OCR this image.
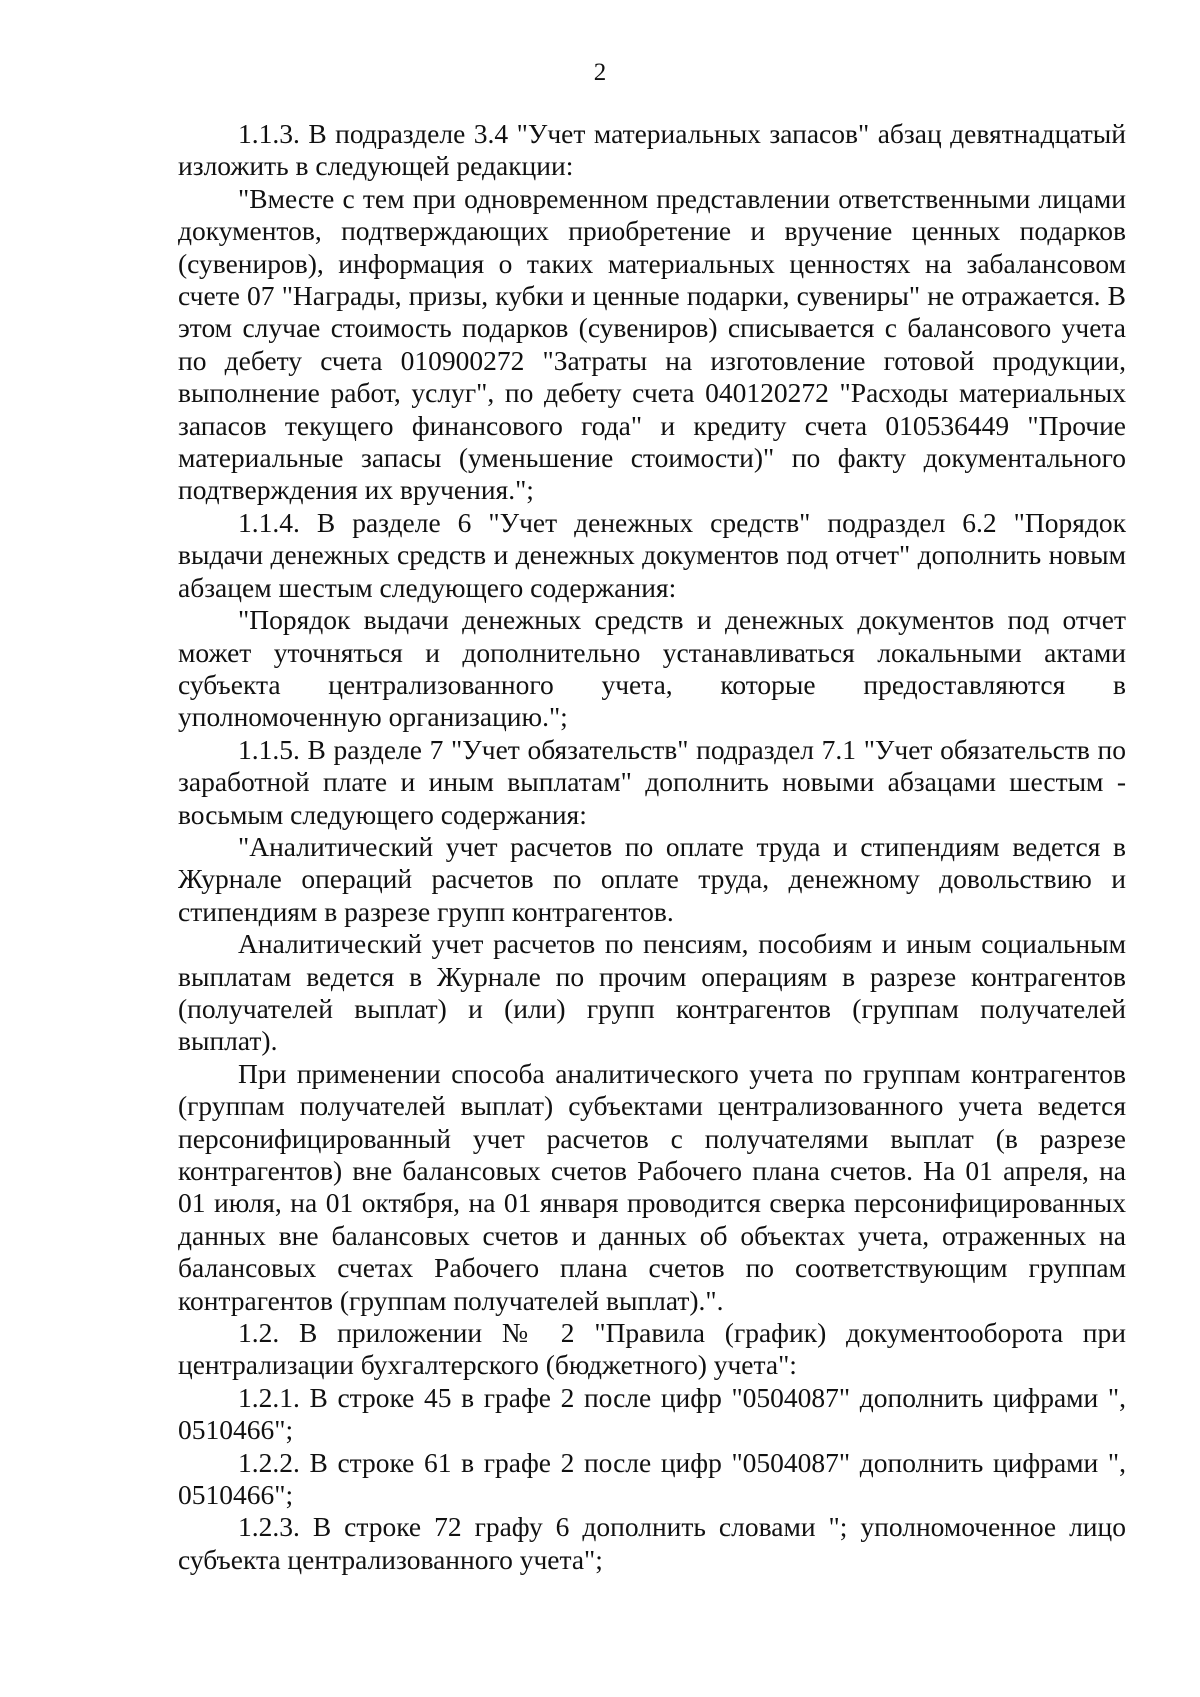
2

1.1.3. В подразделе 3.4 "Учет материальных запасов" абзац девятнадцатый изложить в следующей редакции:

"Вместе с тем при одновременном представлении ответственными лицами документов, подтверждающих приобретение и вручение ценных подарков (сувениров), информация о таких материальных ценностях на забалансовом счете 07 "Награды, призы, кубки и ценные подарки, сувениры" не отражается. В этом случае стоимость подарков (сувениров) списывается с балансового учета по дебету счета 010900272 "Затраты на изготовление готовой продукции, выполнение работ, услуг", по дебету счета 040120272 "Расходы материальных запасов текущего финансового года" и кредиту счета 010536449 "Прочие материальные запасы (уменьшение стоимости)" по факту документального подтверждения их вручения.";

1.1.4. В разделе 6 "Учет денежных средств" подраздел 6.2 "Порядок выдачи денежных средств и денежных документов под отчет" дополнить новым абзацем шестым следующего содержания:

"Порядок выдачи денежных средств и денежных документов под отчет может уточняться и дополнительно устанавливаться локальными актами субъекта централизованного учета, которые предоставляются в уполномоченную организацию.";

1.1.5. В разделе 7 "Учет обязательств" подраздел 7.1 "Учет обязательств по заработной плате и иным выплатам" дополнить новыми абзацами шестым - восьмым следующего содержания:

"Аналитический учет расчетов по оплате труда и стипендиям ведется в Журнале операций расчетов по оплате труда, денежному довольствию и стипендиям в разрезе групп контрагентов.

Аналитический учет расчетов по пенсиям, пособиям и иным социальным выплатам ведется в Журнале по прочим операциям в разрезе контрагентов (получателей выплат) и (или) групп контрагентов (группам получателей выплат).

При применении способа аналитического учета по группам контрагентов (группам получателей выплат) субъектами централизованного учета ведется персонифицированный учет расчетов с получателями выплат (в разрезе контрагентов) вне балансовых счетов Рабочего плана счетов. На 01 апреля, на 01 июля, на 01 октября, на 01 января проводится сверка персонифицированных данных вне балансовых счетов и данных об объектах учета, отраженных на балансовых счетах Рабочего плана счетов по соответствующим группам контрагентов (группам получателей выплат).".

1.2. В приложении № 2 "Правила (график) документооборота при централизации бухгалтерского (бюджетного) учета":

1.2.1. В строке 45 в графе 2 после цифр "0504087" дополнить цифрами ", 0510466";

1.2.2. В строке 61 в графе 2 после цифр "0504087" дополнить цифрами ", 0510466";

1.2.3. В строке 72 графу 6 дополнить словами "; уполномоченное лицо субъекта централизованного учета";
